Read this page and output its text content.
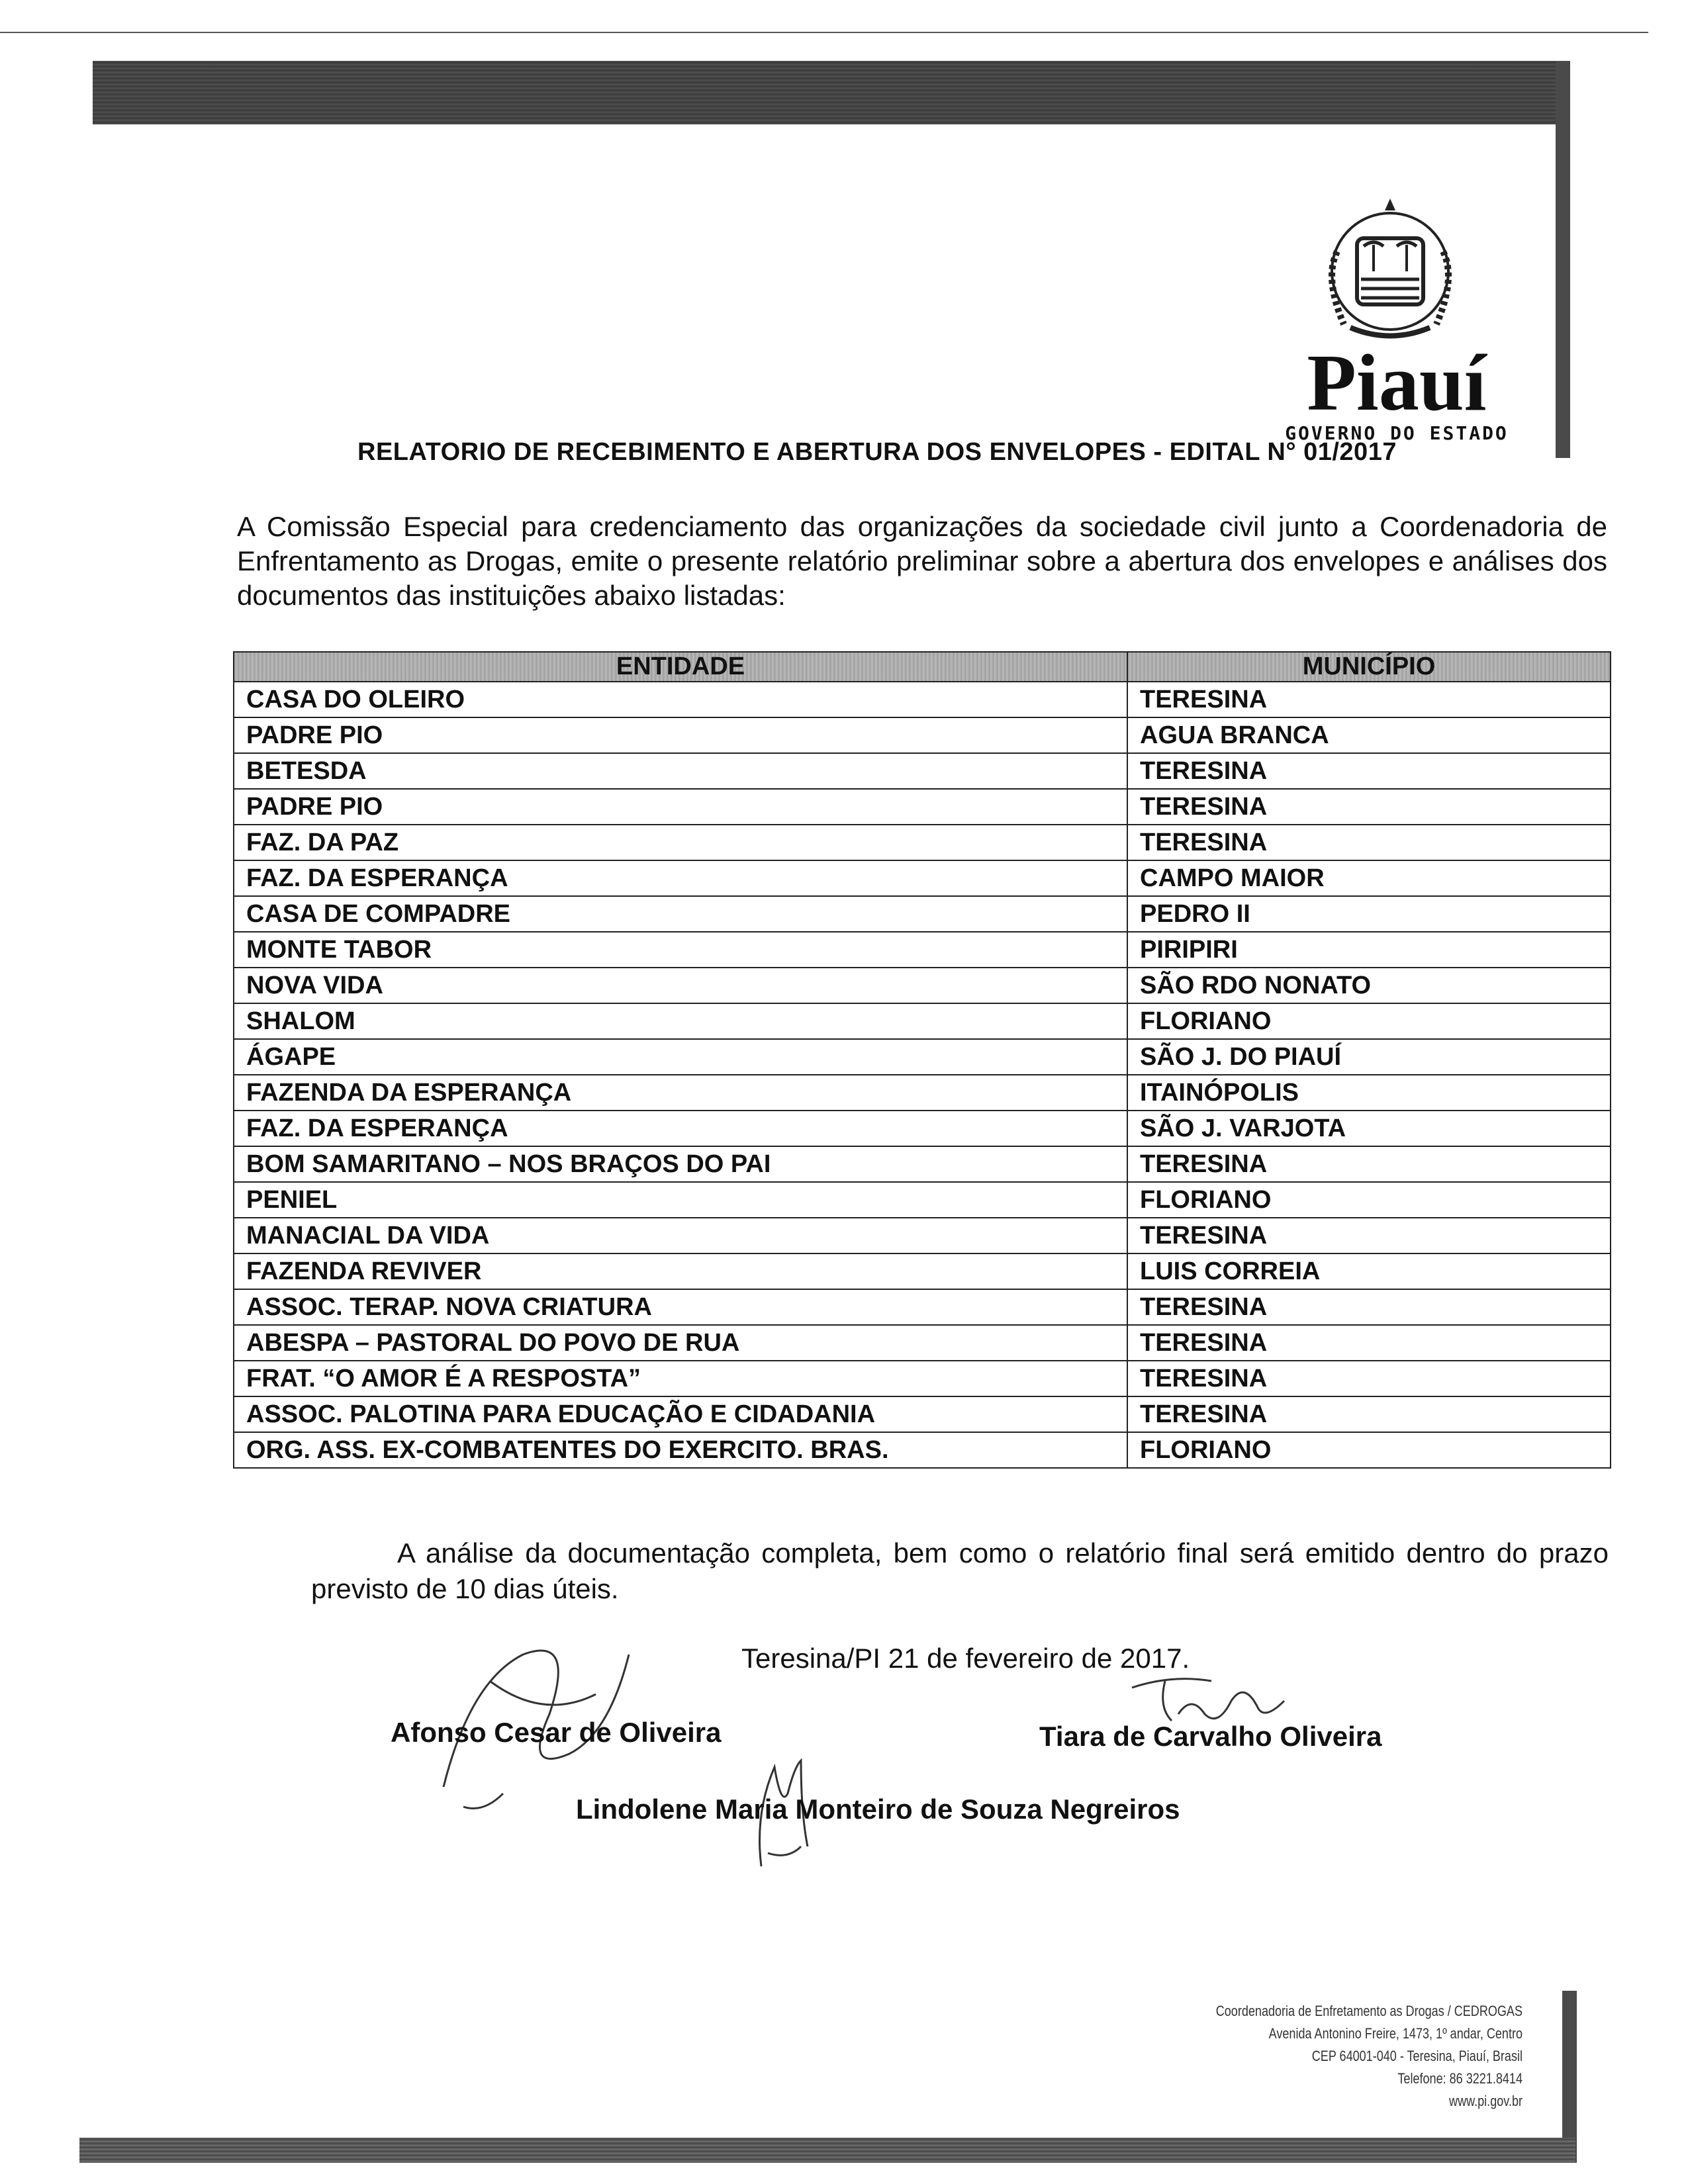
Piauí
GOVERNO DO ESTADO
RELATORIO DE RECEBIMENTO E ABERTURA DOS ENVELOPES - EDITAL N° 01/2017

A Comissão Especial para credenciamento das organizações da sociedade civil junto a Coordenadoria de Enfrentamento as Drogas, emite o presente relatório preliminar sobre a abertura dos envelopes e análises dos documentos das instituições abaixo listadas:

ENTIDADE	MUNICÍPIO
CASA DO OLEIRO	TERESINA
PADRE PIO	AGUA BRANCA
BETESDA	TERESINA
PADRE PIO	TERESINA
FAZ. DA PAZ	TERESINA
FAZ. DA ESPERANÇA	CAMPO MAIOR
CASA DE COMPADRE	PEDRO II
MONTE TABOR	PIRIPIRI
NOVA VIDA	SÃO RDO NONATO
SHALOM	FLORIANO
ÁGAPE	SÃO J. DO PIAUÍ
FAZENDA DA ESPERANÇA	ITAINÓPOLIS
FAZ. DA ESPERANÇA	SÃO J. VARJOTA
BOM SAMARITANO – NOS BRAÇOS DO PAI	TERESINA
PENIEL	FLORIANO
MANACIAL DA VIDA	TERESINA
FAZENDA REVIVER	LUIS CORREIA
ASSOC. TERAP. NOVA CRIATURA	TERESINA
ABESPA – PASTORAL DO POVO DE RUA	TERESINA
FRAT. “O AMOR É A RESPOSTA”	TERESINA
ASSOC. PALOTINA PARA EDUCAÇÃO E CIDADANIA	TERESINA
ORG. ASS. EX-COMBATENTES DO EXERCITO. BRAS.	FLORIANO

A análise da documentação completa, bem como o relatório final será emitido dentro do prazo previsto de 10 dias úteis.

Teresina/PI 21 de fevereiro de 2017.
Afonso Cesar de Oliveira	Tiara de Carvalho Oliveira
Lindolene Maria Monteiro de Souza Negreiros
Coordenadoria de Enfretamento as Drogas / CEDROGAS
Avenida Antonino Freire, 1473, 1º andar, Centro
CEP 64001-040 - Teresina, Piauí, Brasil
Telefone: 86 3221.8414
www.pi.gov.br
